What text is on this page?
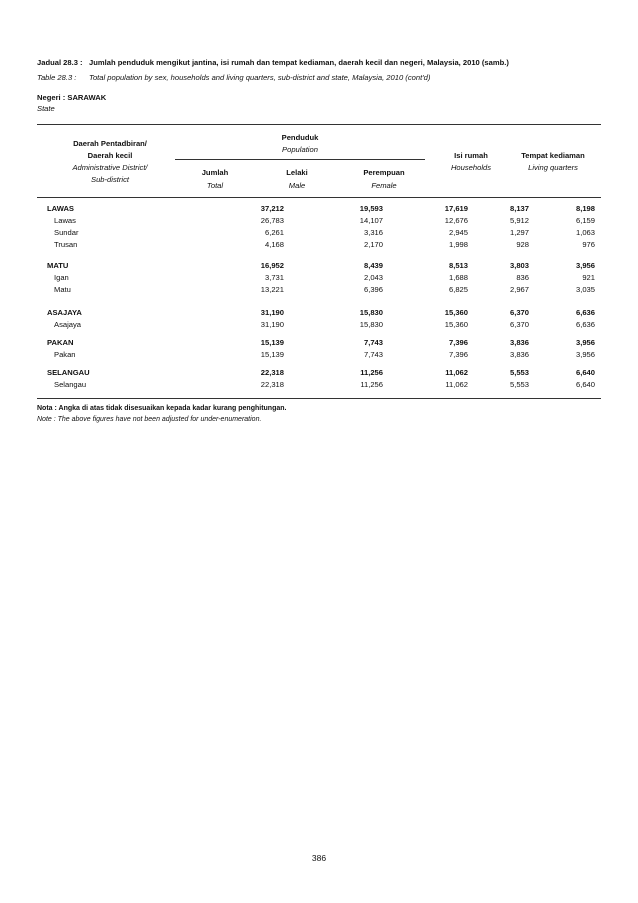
Jadual 28.3 : Jumlah penduduk mengikut jantina, isi rumah dan tempat kediaman, daerah kecil dan negeri, Malaysia, 2010 (samb.)
Table 28.3 : Total population by sex, households and living quarters, sub-district and state, Malaysia, 2010 (cont'd)
Negeri : SARAWAK
State
Daerah Pentadbiran/
Daerah kecil
Administrative District/
Sub-district
Penduduk
Population
Jumlah
Total
Lelaki
Male
Perempuan
Female
Isi rumah
Households
Tempat kediaman
Living quarters
LAWAS	37,212	19,593	17,619	8,137	8,198
Lawas	26,783	14,107	12,676	5,912	6,159
Sundar	6,261	3,316	2,945	1,297	1,063
Trusan	4,168	2,170	1,998	928	976
MATU	16,952	8,439	8,513	3,803	3,956
Igan	3,731	2,043	1,688	836	921
Matu	13,221	6,396	6,825	2,967	3,035
ASAJAYA	31,190	15,830	15,360	6,370	6,636
Asajaya	31,190	15,830	15,360	6,370	6,636
PAKAN	15,139	7,743	7,396	3,836	3,956
Pakan	15,139	7,743	7,396	3,836	3,956
SELANGAU	22,318	11,256	11,062	5,553	6,640
Selangau	22,318	11,256	11,062	5,553	6,640
Nota : Angka di atas tidak disesuaikan kepada kadar kurang penghitungan.
Note : The above figures have not been adjusted for under-enumeration.
386
